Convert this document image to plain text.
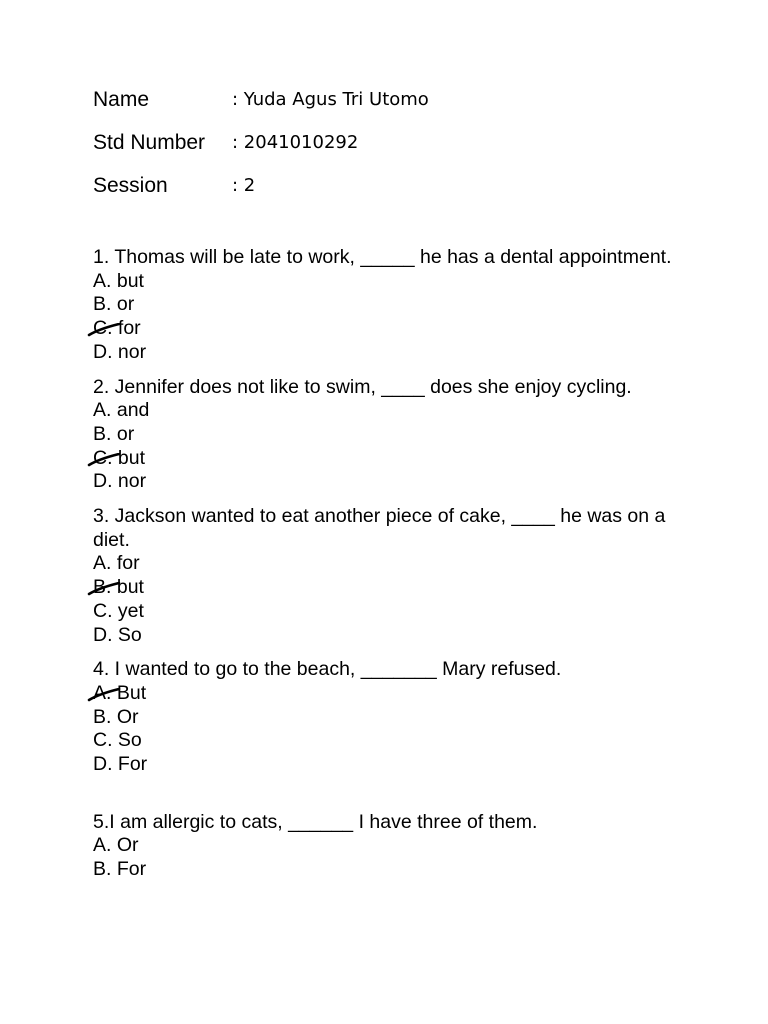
Name	: Yuda Agus Tri Utomo
Std Number : 2041010292
Session	: 2

1. Thomas will be late to work, _____ he has a dental appointment.

A. but
B. or
C.
for
D. nor

2. Jennifer does not like to swim, ____ does she enjoy cycling.

A. and
B. or
C.
but
D. nor

3. Jackson wanted to eat another piece of cake, ____ he was on a diet.

A. for
B.
but
C. yet
D. So

4. I wanted to go to the beach, _______ Mary refused.

A.
But
B. Or
C. So
D. For

5.I am allergic to cats, ______ I have three of them.

A. Or
B. For
